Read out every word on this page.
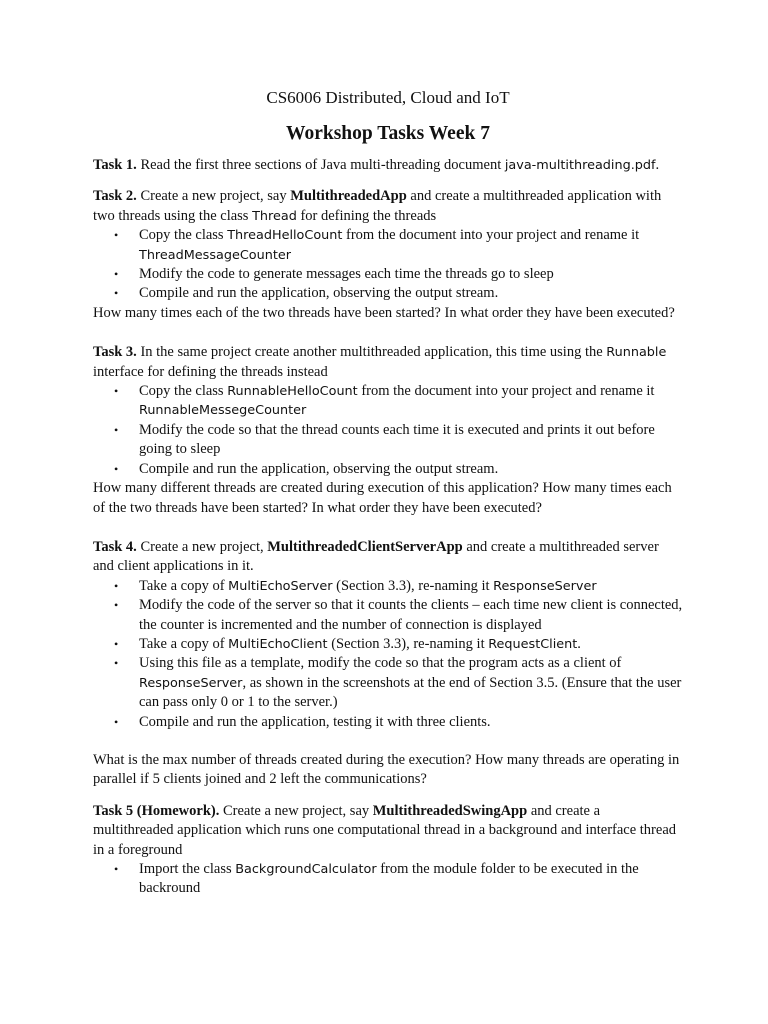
CS6006 Distributed, Cloud and IoT
Workshop Tasks Week 7

Task 1. Read the first three sections of Java multi-threading document java-multithreading.pdf.

Task 2. Create a new project, say MultithreadedApp and create a multithreaded application with two threads using the class Thread for defining the threads

• Copy the class ThreadHelloCount from the document into your project and rename it ThreadMessageCounter
• Modify the code to generate messages each time the threads go to sleep
• Compile and run the application, observing the output stream.

How many times each of the two threads have been started? In what order they have been executed?

Task 3. In the same project create another multithreaded application, this time using the Runnable interface for defining the threads instead

• Copy the class RunnableHelloCount from the document into your project and rename it RunnableMessegeCounter
• Modify the code so that the thread counts each time it is executed and prints it out before going to sleep
• Compile and run the application, observing the output stream.

How many different threads are created during execution of this application? How many times each of the two threads have been started? In what order they have been executed?

Task 4. Create a new project, MultithreadedClientServerApp and create a multithreaded server and client applications in it.

• Take a copy of MultiEchoServer (Section 3.3), re-naming it ResponseServer
• Modify the code of the server so that it counts the clients – each time new client is connected, the counter is incremented and the number of connection is displayed
• Take a copy of MultiEchoClient (Section 3.3), re-naming it RequestClient.
• Using this file as a template, modify the code so that the program acts as a client of ResponseServer, as shown in the screenshots at the end of Section 3.5. (Ensure that the user can pass only 0 or 1 to the server.)
• Compile and run the application, testing it with three clients.

What is the max number of threads created during the execution? How many threads are operating in parallel if 5 clients joined and 2 left the communications?

Task 5 (Homework). Create a new project, say MultithreadedSwingApp and create a multithreaded application which runs one computational thread in a background and interface thread in a foreground

• Import the class BackgroundCalculator from the module folder to be executed in the backround
